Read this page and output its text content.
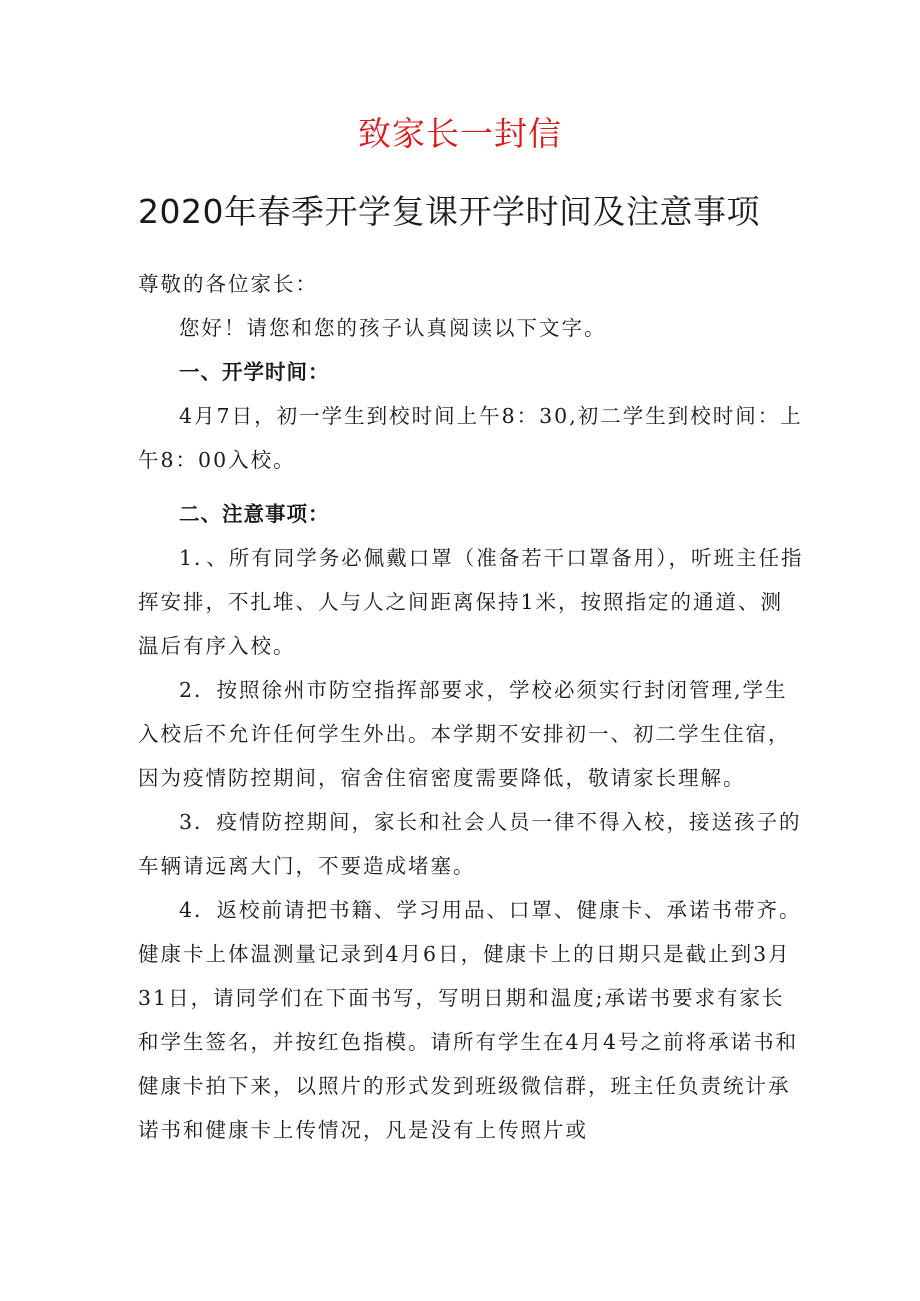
致家长一封信
2020年春季开学复课开学时间及注意事项

尊敬的各位家长：

您好！请您和您的孩子认真阅读以下文字。

一、开学时间：

4月7日，初一学生到校时间上午8：30,初二学生到校时间：上午8：00入校。

二、注意事项：

1．、所有同学务必佩戴口罩（准备若干口罩备用），听班主任指挥安排，不扎堆、人与人之间距离保持1米，按照指定的通道、测温后有序入校。

2．按照徐州市防空指挥部要求，学校必须实行封闭管理,学生入校后不允许任何学生外出。本学期不安排初一、初二学生住宿，因为疫情防控期间，宿舍住宿密度需要降低，敬请家长理解。

3．疫情防控期间，家长和社会人员一律不得入校，接送孩子的车辆请远离大门，不要造成堵塞。

4．返校前请把书籍、学习用品、口罩、健康卡、承诺书带齐。健康卡上体温测量记录到4月6日，健康卡上的日期只是截止到3月31日，请同学们在下面书写，写明日期和温度;承诺书要求有家长和学生签名，并按红色指模。请所有学生在4月4号之前将承诺书和健康卡拍下来，以照片的形式发到班级微信群，班主任负责统计承诺书和健康卡上传情况，凡是没有上传照片或
